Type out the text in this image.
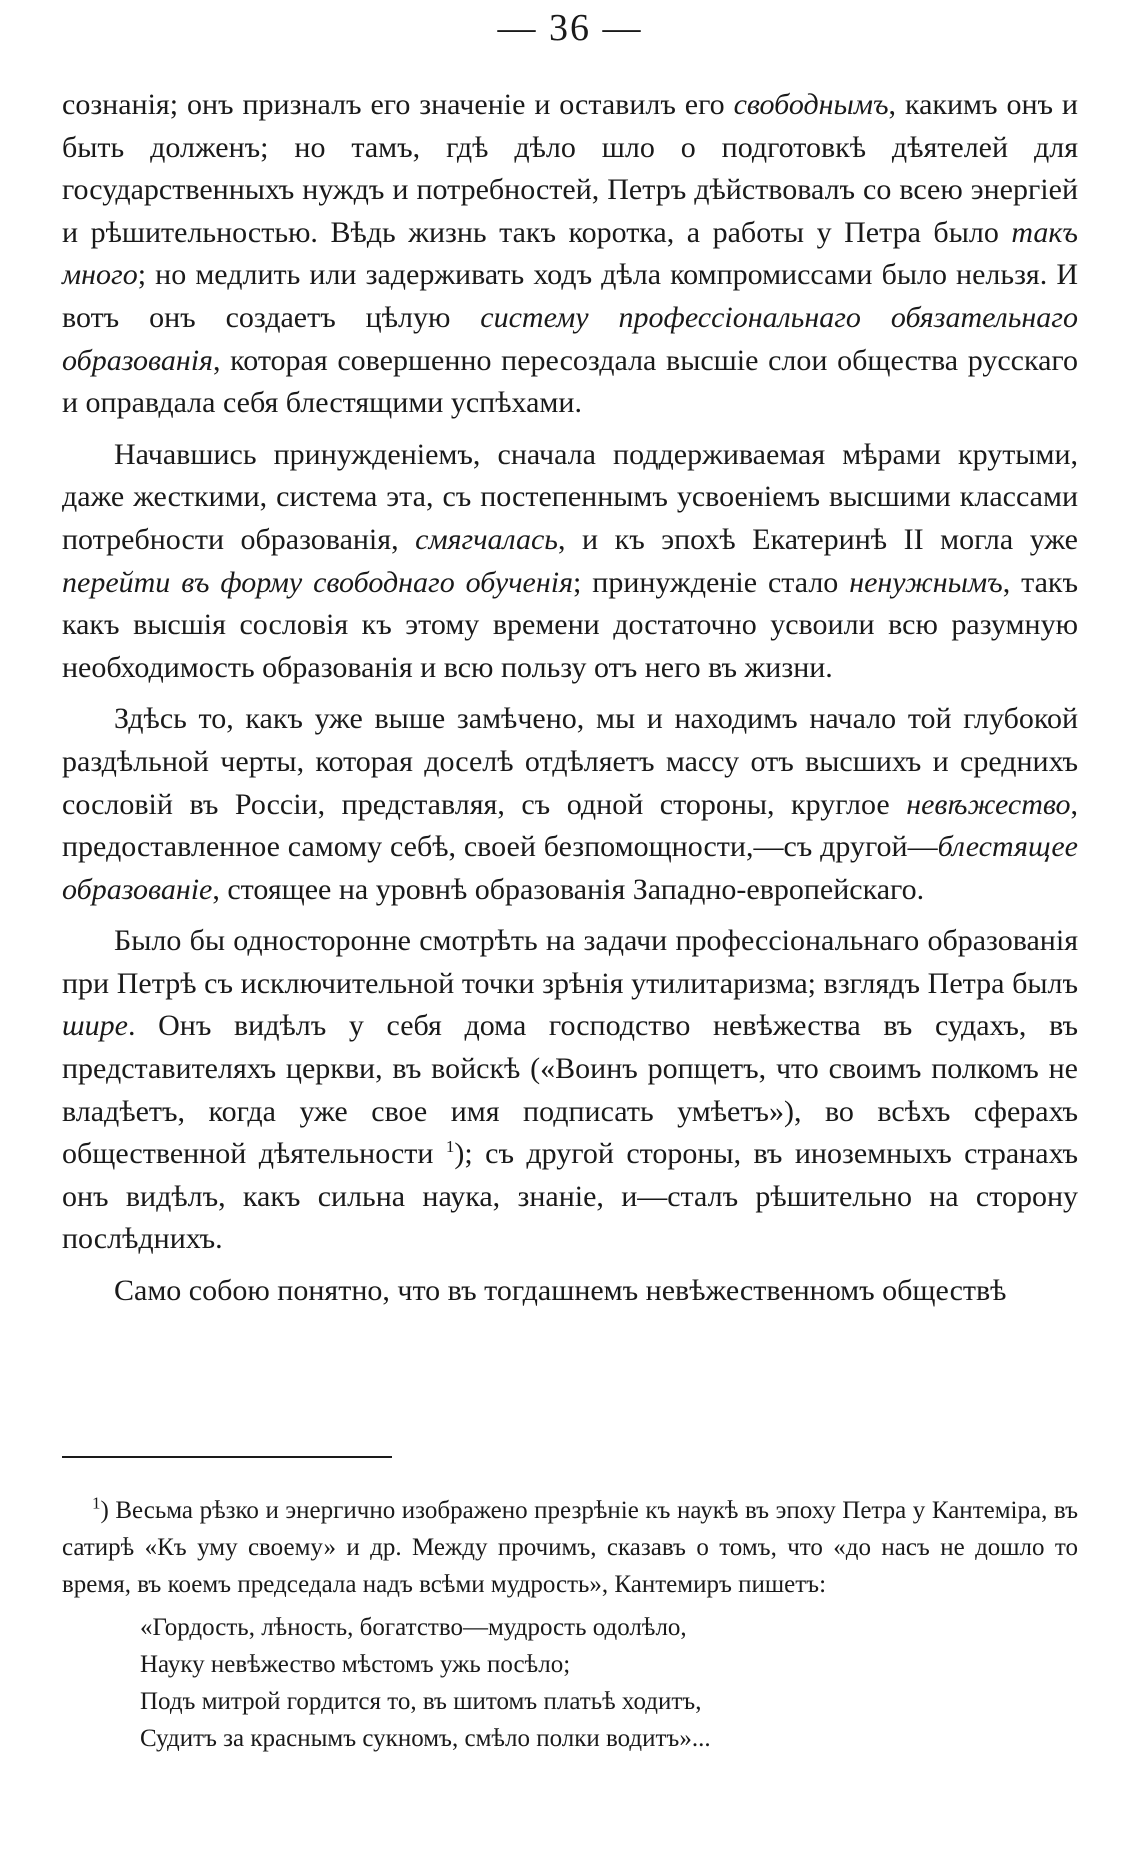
— 36 —

сознанія; онъ призналъ его значеніе и оставилъ его свободнымъ, какимъ онъ и быть долженъ; но тамъ, гдѣ дѣло шло о подготовкѣ дѣятелей для государственныхъ нуждъ и потребностей, Петръ дѣйствовалъ со всею энергіей и рѣшительностью. Вѣдь жизнь такъ коротка, а работы у Петра было такъ много; но медлить или задерживать ходъ дѣла компромиссами было нельзя. И вотъ онъ создаетъ цѣлую систему профессіональнаго обязательнаго образованія, которая совершенно пересоздала высшіе слои общества русскаго и оправдала себя блестящими успѣхами.

Начавшись принужденіемъ, сначала поддерживаемая мѣрами крутыми, даже жесткими, система эта, съ постепеннымъ усвоеніемъ высшими классами потребности образованія, смягчалась, и къ эпохѣ Екатеринѣ II могла уже перейти въ форму свободнаго обученія; принужденіе стало ненужнымъ, такъ какъ высшія сословія къ этому времени достаточно усвоили всю разумную необходимость образованія и всю пользу отъ него въ жизни.

Здѣсь то, какъ уже выше замѣчено, мы и находимъ начало той глубокой раздѣльной черты, которая доселѣ отдѣляетъ массу отъ высшихъ и среднихъ сословій въ Россіи, представляя, съ одной стороны, круглое невѣжество, предоставленное самому себѣ, своей безпомощности,—съ другой—блестящее образованіе, стоящее на уровнѣ образованія Западно-европейскаго.

Было бы односторонне смотрѣть на задачи профессіональнаго образованія при Петрѣ съ исключительной точки зрѣнія утилитаризма; взглядъ Петра былъ шире. Онъ видѣлъ у себя дома господство невѣжества въ судахъ, въ представителяхъ церкви, въ войскѣ («Воинъ ропщетъ, что своимъ полкомъ не владѣетъ, когда уже свое имя подписать умѣетъ»), во всѣхъ сферахъ общественной дѣятельности $^1$); съ другой стороны, въ иноземныхъ странахъ онъ видѣлъ, какъ сильна наука, знаніе, и—сталъ рѣшительно на сторону послѣднихъ.

Само собою понятно, что въ тогдашнемъ невѣжественномъ обществѣ

$^1$) Весьма рѣзко и энергично изображено презрѣніе къ наукѣ въ эпоху Петра у Кантеміра, въ сатирѣ «Къ уму своему» и др. Между прочимъ, сказавъ о томъ, что «до насъ не дошло то время, въ коемъ председала надъ всѣми мудрость», Кантемиръ пишетъ:

«Гордость, лѣность, богатство—мудрость одолѣло,
Науку невѣжество мѣстомъ ужь посѣло;
Подъ митрой гордится то, въ шитомъ платьѣ ходитъ,
Судитъ за краснымъ сукномъ, смѣло полки водитъ»...
